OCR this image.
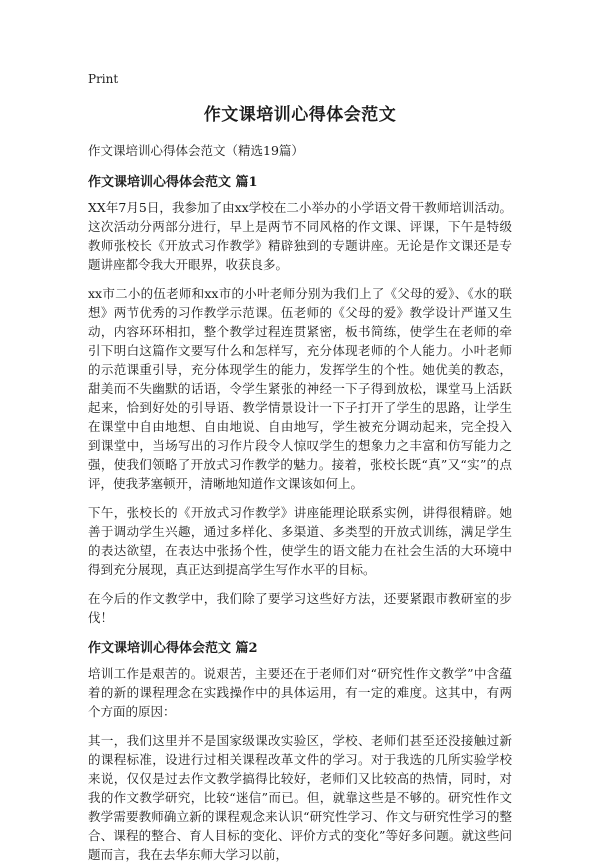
Print
作文课培训心得体会范文
作文课培训心得体会范文（精选19篇）
作文课培训心得体会范文 篇1

XX年7月5日，我参加了由xx学校在二小举办的小学语文骨干教师培训活动。这次活动分两部分进行，早上是两节不同风格的作文课、评课，下午是特级教师张校长《开放式习作教学》精辟独到的专题讲座。无论是作文课还是专题讲座都令我大开眼界，收获良多。

xx市二小的伍老师和xx市的小叶老师分别为我们上了《父母的爱》、《水的联想》两节优秀的习作教学示范课。伍老师的《父母的爱》教学设计严谨又生动，内容环环相扣，整个教学过程连贯紧密，板书简练，使学生在老师的牵引下明白这篇作文要写什么和怎样写，充分体现老师的个人能力。小叶老师的示范课重引导，充分体现学生的能力，发挥学生的个性。她优美的教态，甜美而不失幽默的话语，令学生紧张的神经一下子得到放松，课堂马上活跃起来，恰到好处的引导语、教学情景设计一下子打开了学生的思路，让学生在课堂中自由地想、自由地说、自由地写，学生被充分调动起来，完全投入到课堂中，当场写出的习作片段令人惊叹学生的想象力之丰富和仿写能力之强，使我们领略了开放式习作教学的魅力。接着，张校长既“真”又“实”的点评，使我茅塞顿开，清晰地知道作文课该如何上。

下午，张校长的《开放式习作教学》讲座能理论联系实例，讲得很精辟。她善于调动学生兴趣，通过多样化、多渠道、多类型的开放式训练，满足学生的表达欲望，在表达中张扬个性，使学生的语文能力在社会生活的大环境中得到充分展现，真正达到提高学生写作水平的目标。

在今后的作文教学中，我们除了要学习这些好方法，还要紧跟市教研室的步伐！

作文课培训心得体会范文 篇2

培训工作是艰苦的。说艰苦，主要还在于老师们对“研究性作文教学”中含蕴着的新的课程理念在实践操作中的具体运用，有一定的难度。这其中，有两个方面的原因：

其一，我们这里并不是国家级课改实验区，学校、老师们甚至还没接触过新的课程标准，设进行过相关课程改革文件的学习。对于我选的几所实验学校来说，仅仅是过去作文教学搞得比较好，老师们又比较高的热情，同时，对我的作文教学研究，比较“迷信”而已。但，就靠这些是不够的。研究性作文教学需要教师确立新的课程观念来认识“研究性学习、作文与研究性学习的整合、课程的整合、育人目标的变化、评价方式的变化”等好多问题。就这些问题而言，我在去华东师大学习以前，
